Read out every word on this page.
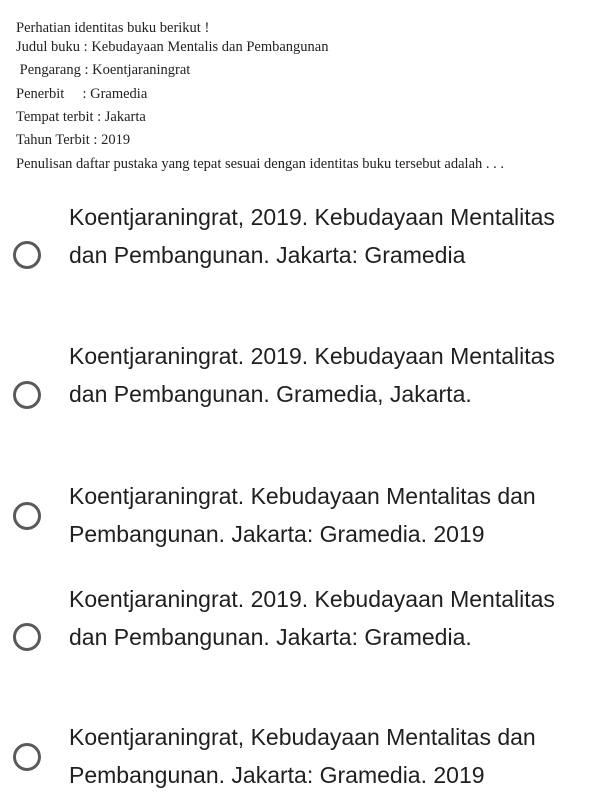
Perhatian identitas buku berikut !
Judul buku : Kebudayaan Mentalis dan Pembangunan
Pengarang : Koentjaraningrat
Penerbit     : Gramedia
Tempat terbit : Jakarta
Tahun Terbit : 2019
Penulisan daftar pustaka yang tepat sesuai dengan identitas buku tersebut adalah . . .
Koentjaraningrat, 2019. Kebudayaan Mentalitas dan Pembangunan. Jakarta: Gramedia
Koentjaraningrat. 2019. Kebudayaan Mentalitas dan Pembangunan. Gramedia, Jakarta.
Koentjaraningrat. Kebudayaan Mentalitas dan Pembangunan. Jakarta: Gramedia. 2019
Koentjaraningrat. 2019. Kebudayaan Mentalitas dan Pembangunan. Jakarta: Gramedia.
Koentjaraningrat, Kebudayaan Mentalitas dan Pembangunan. Jakarta: Gramedia. 2019
